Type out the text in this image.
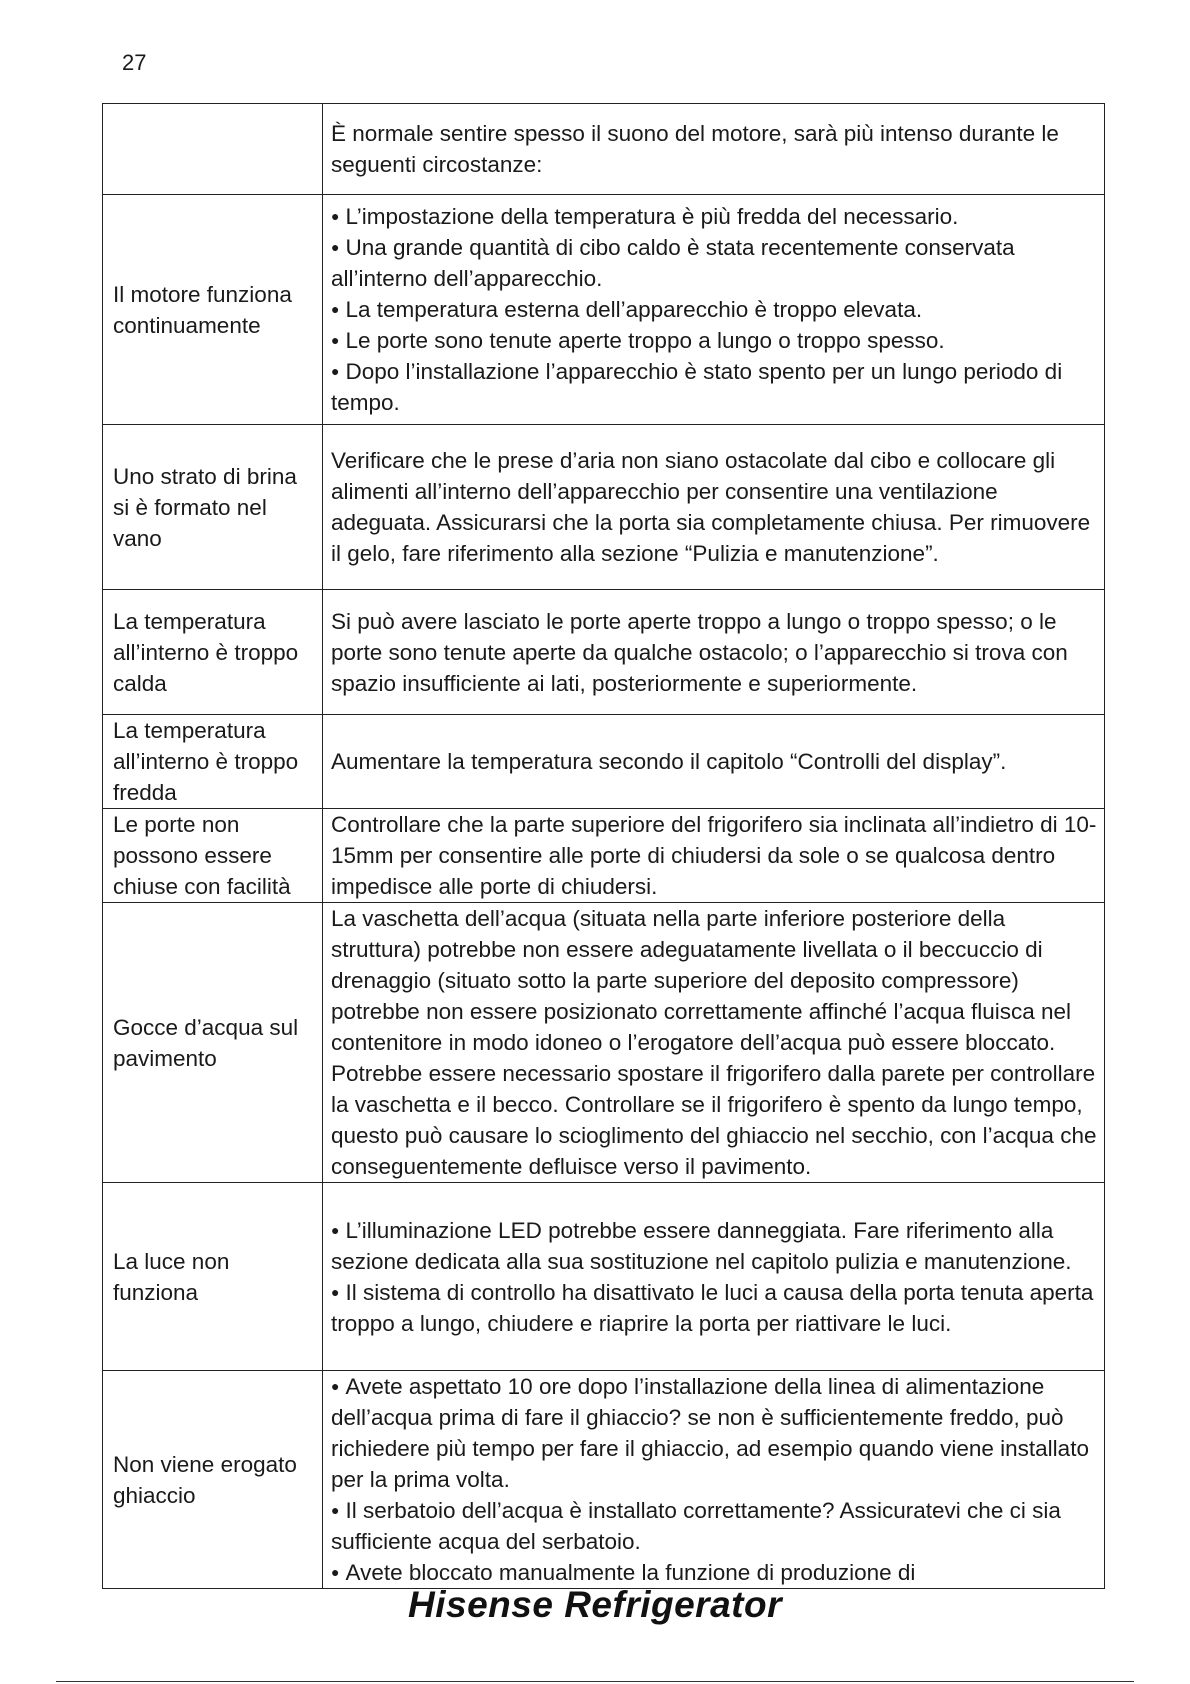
27

	È normale sentire spesso il suono del motore, sarà più intenso durante le seguenti circostanze:

Il motore funziona continuamente	● L’impostazione della temperatura è più fredda del necessario.
● Una grande quantità di cibo caldo è stata recentemente conservata all’interno dell’apparecchio.
● La temperatura esterna dell’apparecchio è troppo elevata.
● Le porte sono tenute aperte troppo a lungo o troppo spesso.
● Dopo l’installazione l’apparecchio è stato spento per un lungo periodo di tempo.

Uno strato di brina si è formato nel vano	Verificare che le prese d’aria non siano ostacolate dal cibo e collocare gli alimenti all’interno dell’apparecchio per consentire una ventilazione adeguata. Assicurarsi che la porta sia completamente chiusa. Per rimuovere il gelo, fare riferimento alla sezione “Pulizia e manutenzione”.

La temperatura all’interno è troppo calda	Si può avere lasciato le porte aperte troppo a lungo o troppo spesso; o le porte sono tenute aperte da qualche ostacolo; o l’apparecchio si trova con spazio insufficiente ai lati, posteriormente e superiormente.

La temperatura all’interno è troppo fredda	Aumentare la temperatura secondo il capitolo “Controlli del display”.

Le porte non possono essere chiuse con facilità	Controllare che la parte superiore del frigorifero sia inclinata all’indietro di 10-15mm per consentire alle porte di chiudersi da sole o se qualcosa dentro impedisce alle porte di chiudersi.

Gocce d’acqua sul pavimento	La vaschetta dell’acqua (situata nella parte inferiore posteriore della struttura) potrebbe non essere adeguatamente livellata o il beccuccio di drenaggio (situato sotto la parte superiore del deposito compressore) potrebbe non essere posizionato correttamente affinché l’acqua fluisca nel contenitore in modo idoneo o l’erogatore dell’acqua può essere bloccato. Potrebbe essere necessario spostare il frigorifero dalla parete per controllare la vaschetta e il becco. Controllare se il frigorifero è spento da lungo tempo, questo può causare lo scioglimento del ghiaccio nel secchio, con l’acqua che conseguentemente defluisce verso il pavimento.

La luce non funziona	● L’illuminazione LED potrebbe essere danneggiata. Fare riferimento alla sezione dedicata alla sua sostituzione nel capitolo pulizia e manutenzione.
● Il sistema di controllo ha disattivato le luci a causa della porta tenuta aperta troppo a lungo, chiudere e riaprire la porta per riattivare le luci.

Non viene erogato ghiaccio	● Avete aspettato 10 ore dopo l’installazione della linea di alimentazione dell’acqua prima di fare il ghiaccio? se non è sufficientemente freddo, può richiedere più tempo per fare il ghiaccio, ad esempio quando viene installato per la prima volta.
● Il serbatoio dell’acqua è installato correttamente? Assicuratevi che ci sia sufficiente acqua del serbatoio.
● Avete bloccato manualmente la funzione di produzione di
Hisense Refrigerator
